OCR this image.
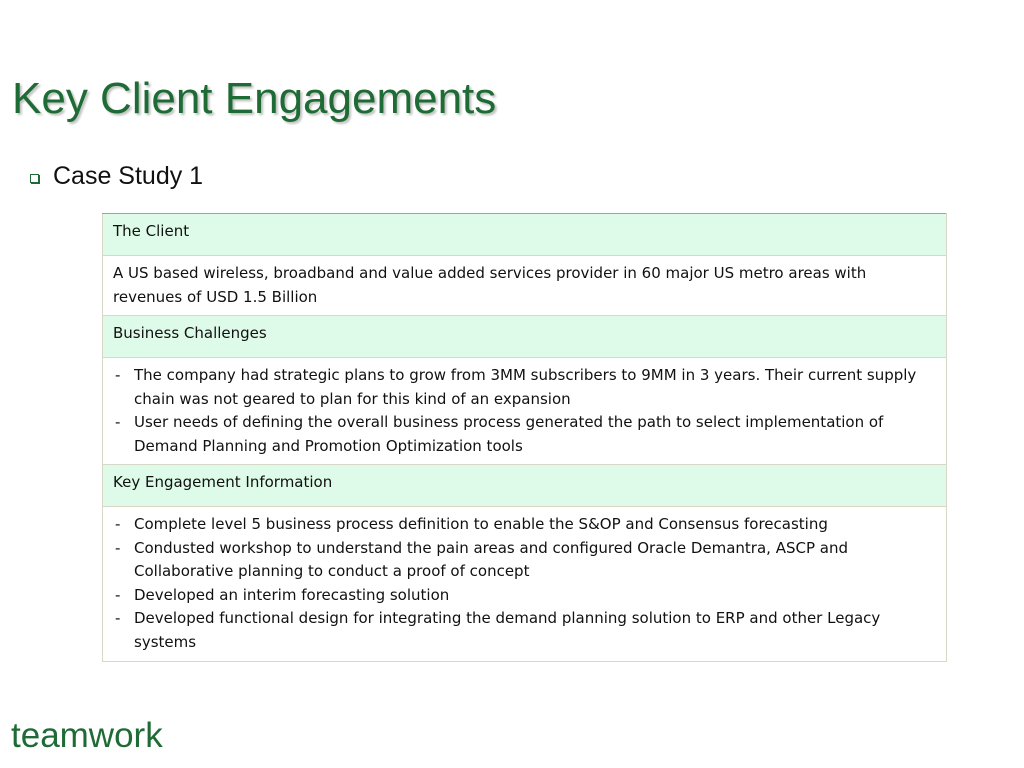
Key Client Engagements
Case Study 1
The Client
A US based wireless, broadband and value added services provider in 60 major US metro areas with revenues of USD 1.5 Billion
Business Challenges

- The company had strategic plans to grow from 3MM subscribers to 9MM in 3 years. Their current supply chain was not geared to plan for this kind of an expansion
- User needs of defining the overall business process generated the path to select implementation of Demand Planning and Promotion Optimization tools

Key Engagement Information

- Complete level 5 business process definition to enable the S&OP and Consensus forecasting
- Condusted workshop to understand the pain areas and configured Oracle Demantra, ASCP and Collaborative planning to conduct a proof of concept
- Developed an interim forecasting solution
- Developed functional design for integrating the demand planning solution to ERP and other Legacy systems
teamwork
